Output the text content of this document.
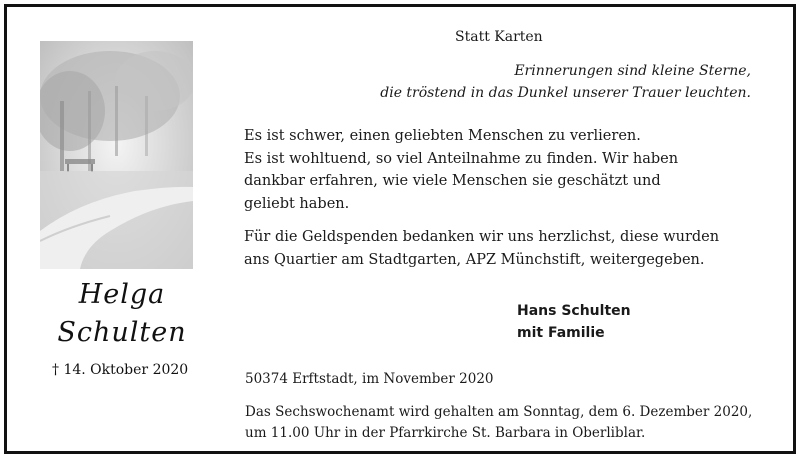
Helga
Schulten
† 14. Oktober 2020
Statt Karten
Erinnerungen sind kleine Sterne,
die tröstend in das Dunkel unserer Trauer leuchten.
Es ist schwer, einen geliebten Menschen zu verlieren.
Es ist wohltuend, so viel Anteilnahme zu finden. Wir haben
dankbar erfahren, wie viele Menschen sie geschätzt und
geliebt haben.
Für die Geldspenden bedanken wir uns herzlichst, diese wurden
ans Quartier am Stadtgarten, APZ Münchstift, weitergegeben.
Hans Schulten
mit Familie
50374 Erftstadt, im November 2020
Das Sechswochenamt wird gehalten am Sonntag, dem 6. Dezember 2020,
um 11.00 Uhr in der Pfarrkirche St. Barbara in Oberliblar.
